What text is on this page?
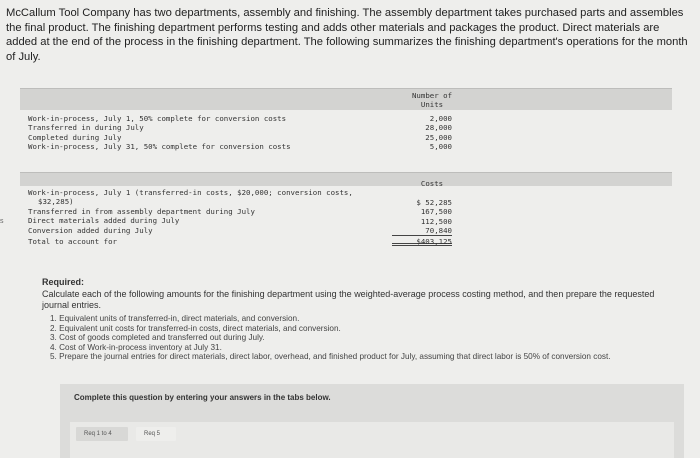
McCallum Tool Company has two departments, assembly and finishing. The assembly department takes purchased parts and assembles the final product. The finishing department performs testing and adds other materials and packages the product. Direct materials are added at the end of the process in the finishing department. The following summarizes the finishing department's operations for the month of July.
Number of
Units
Work-in-process, July 1, 50% complete for conversion costs
Transferred in during July
Completed during July
Work-in-process, July 31, 50% complete for conversion costs
2,000
28,000
25,000
5,000
s
Costs
Work-in-process, July 1 (transferred-in costs, $20,000; conversion costs,
$32,285)
Transferred in from assembly department during July
Direct materials added during July
Conversion added during July
Total to account for
$ 52,285
167,500
112,500
70,840
$403,125
Required:
Calculate each of the following amounts for the finishing department using the weighted-average process costing method, and then prepare the requested journal entries.
1. Equivalent units of transferred-in, direct materials, and conversion.
2. Equivalent unit costs for transferred-in costs, direct materials, and conversion.
3. Cost of goods completed and transferred out during July.
4. Cost of Work-in-process inventory at July 31.
5. Prepare the journal entries for direct materials, direct labor, overhead, and finished product for July, assuming that direct labor is 50% of conversion cost.
Complete this question by entering your answers in the tabs below.
Req 1 to 4	Req 5
